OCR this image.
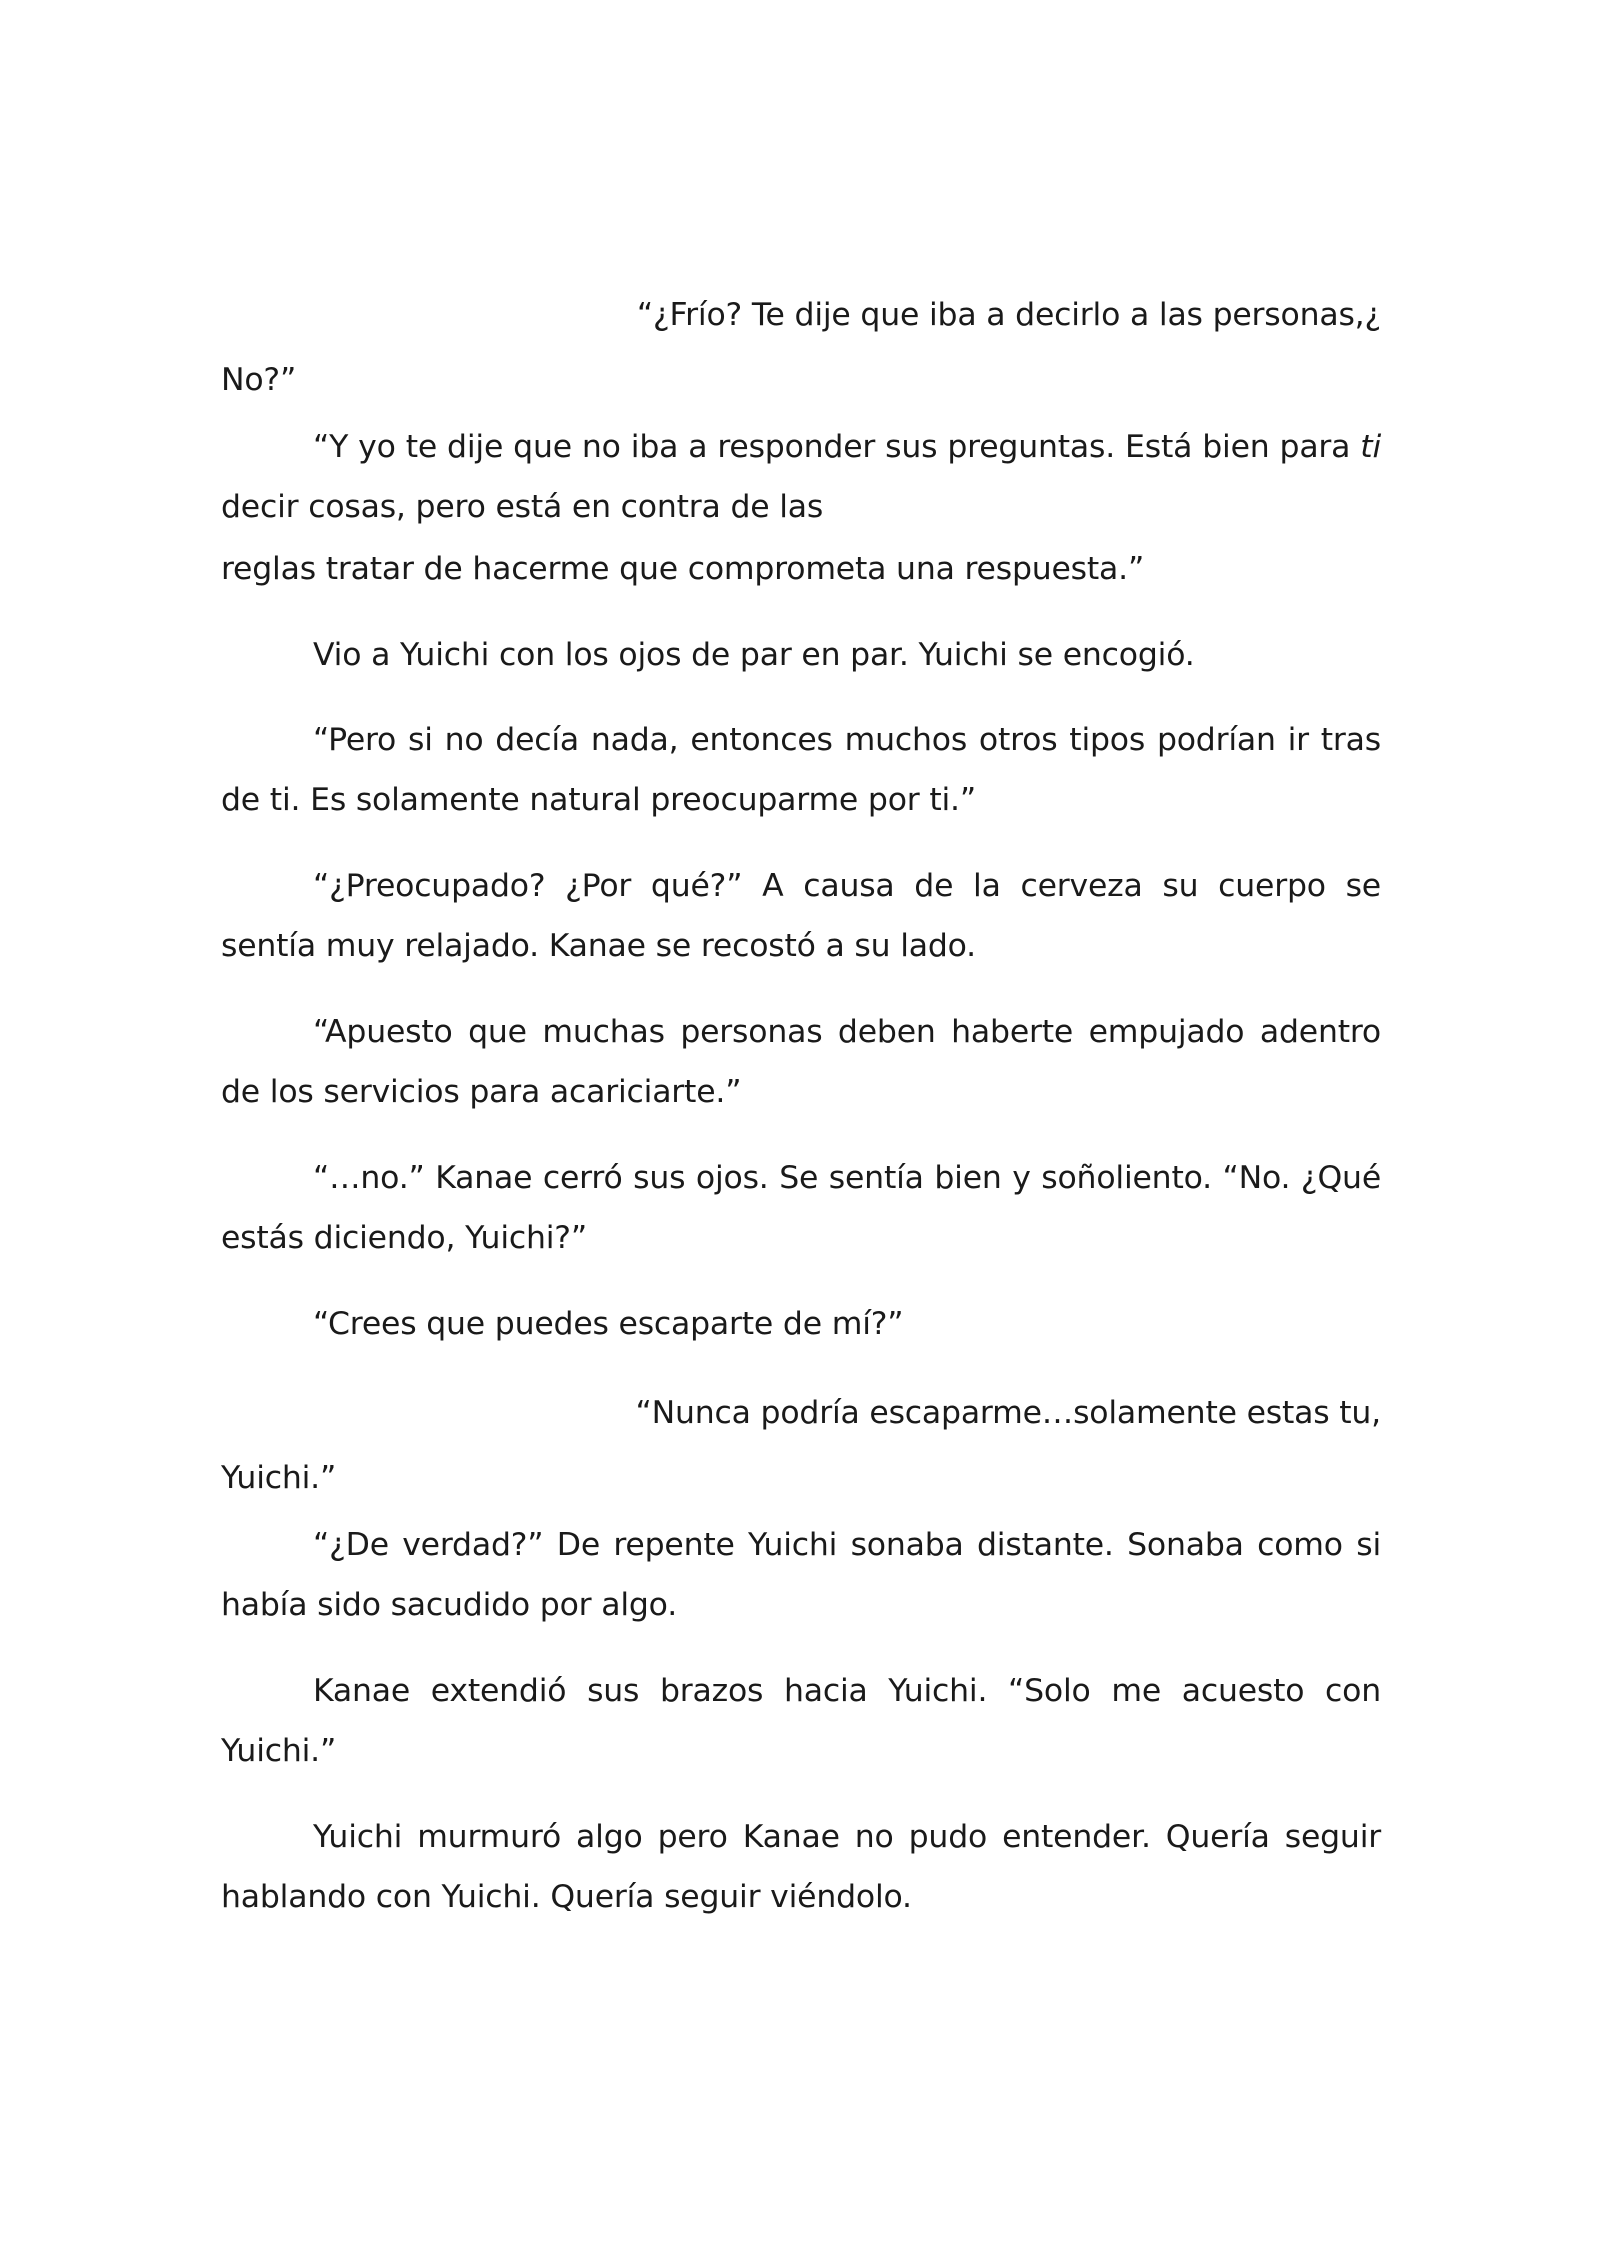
“¿Frío? Te dije que iba a decirlo a las personas,¿
No?”
“Y yo te dije que no iba a responder sus preguntas. Está bien para ti
decir cosas, pero está en contra de las
reglas tratar de hacerme que comprometa una respuesta.”
Vio a Yuichi con los ojos de par en par. Yuichi se encogió.
“Pero si no decía nada, entonces muchos otros tipos podrían ir tras
de ti. Es solamente natural preocuparme por ti.”
“¿Preocupado? ¿Por qué?” A causa de la cerveza su cuerpo se
sentía muy relajado. Kanae se recostó a su lado.
“Apuesto que muchas personas deben haberte empujado adentro
de los servicios para acariciarte.”
“…no.” Kanae cerró sus ojos. Se sentía bien y soñoliento. “No. ¿Qué
estás diciendo, Yuichi?”
“Crees que puedes escaparte de mí?”
“Nunca podría escaparme…solamente estas tu,
Yuichi.”
“¿De verdad?” De repente Yuichi sonaba distante. Sonaba como si
había sido sacudido por algo.
Kanae extendió sus brazos hacia Yuichi. “Solo me acuesto con
Yuichi.”
Yuichi murmuró algo pero Kanae no pudo entender. Quería seguir
hablando con Yuichi. Quería seguir viéndolo.
